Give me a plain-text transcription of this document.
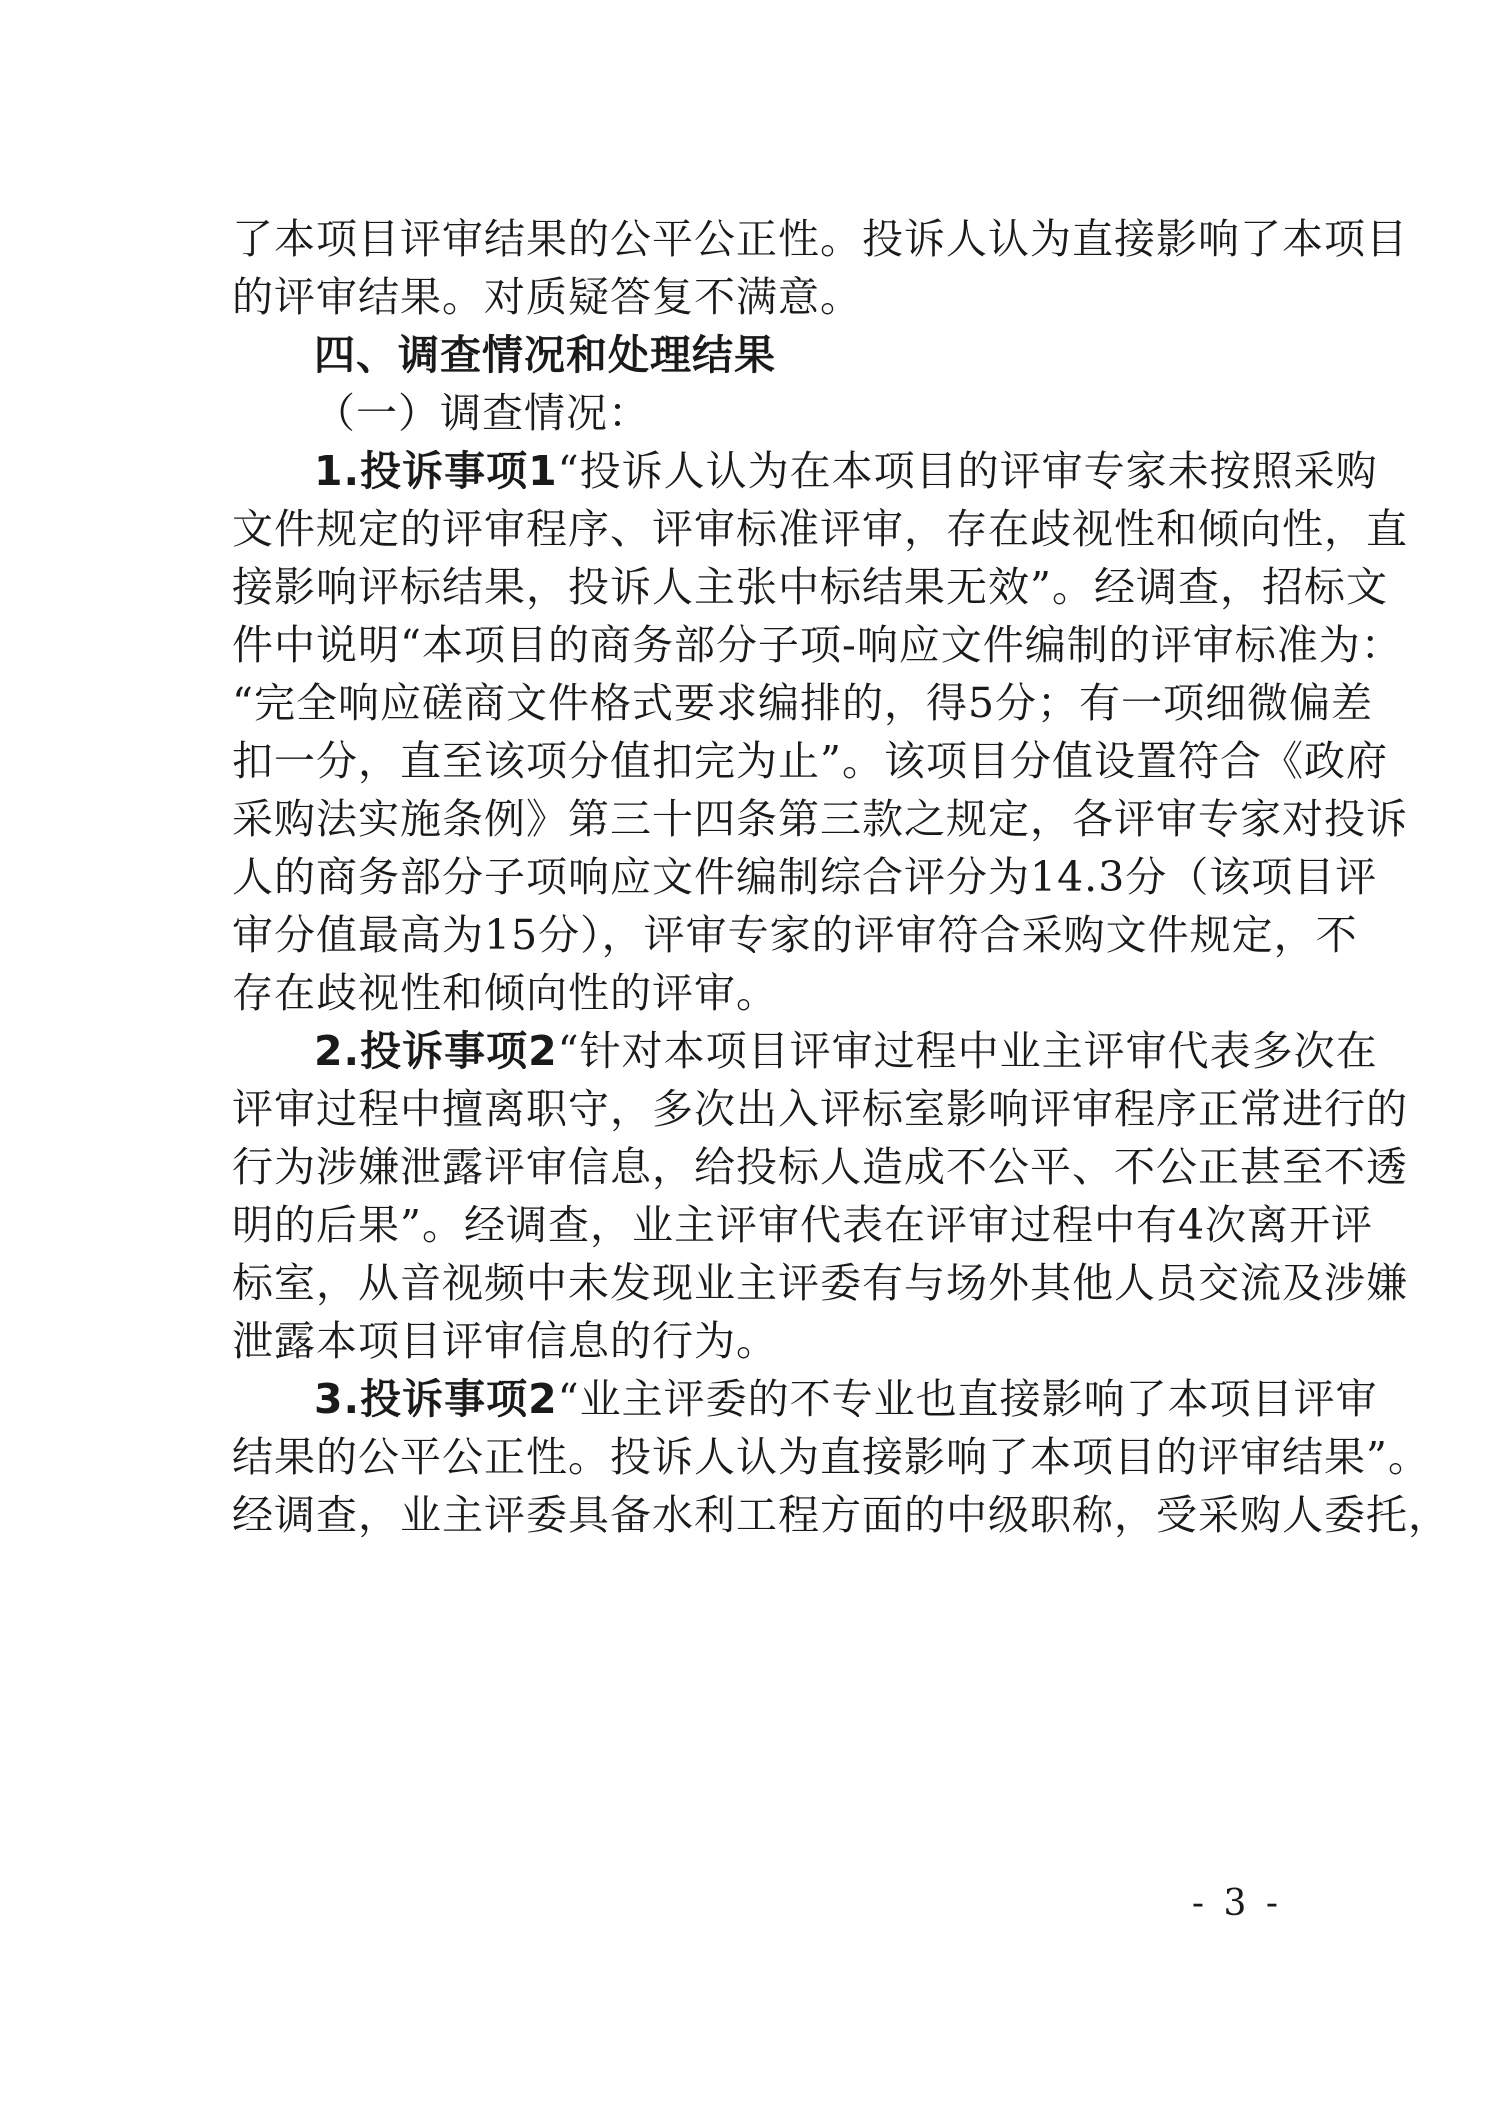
了本项目评审结果的公平公正性。投诉人认为直接影响了本项目
的评审结果。对质疑答复不满意。
四、调查情况和处理结果
（一）调查情况：
1.投诉事项1“投诉人认为在本项目的评审专家未按照采购
文件规定的评审程序、评审标准评审，存在歧视性和倾向性，直
接影响评标结果，投诉人主张中标结果无效”。经调查，招标文
件中说明“本项目的商务部分子项-响应文件编制的评审标准为：
“完全响应磋商文件格式要求编排的，得5分；有一项细微偏差
扣一分，直至该项分值扣完为止”。该项目分值设置符合《政府
采购法实施条例》第三十四条第三款之规定，各评审专家对投诉
人的商务部分子项响应文件编制综合评分为14.3分（该项目评
审分值最高为15分），评审专家的评审符合采购文件规定，不
存在歧视性和倾向性的评审。
2.投诉事项2“针对本项目评审过程中业主评审代表多次在
评审过程中擅离职守，多次出入评标室影响评审程序正常进行的
行为涉嫌泄露评审信息，给投标人造成不公平、不公正甚至不透
明的后果”。经调查，业主评审代表在评审过程中有4次离开评
标室，从音视频中未发现业主评委有与场外其他人员交流及涉嫌
泄露本项目评审信息的行为。
3.投诉事项2“业主评委的不专业也直接影响了本项目评审
结果的公平公正性。投诉人认为直接影响了本项目的评审结果”。
经调查，业主评委具备水利工程方面的中级职称，受采购人委托，
- 3 -
